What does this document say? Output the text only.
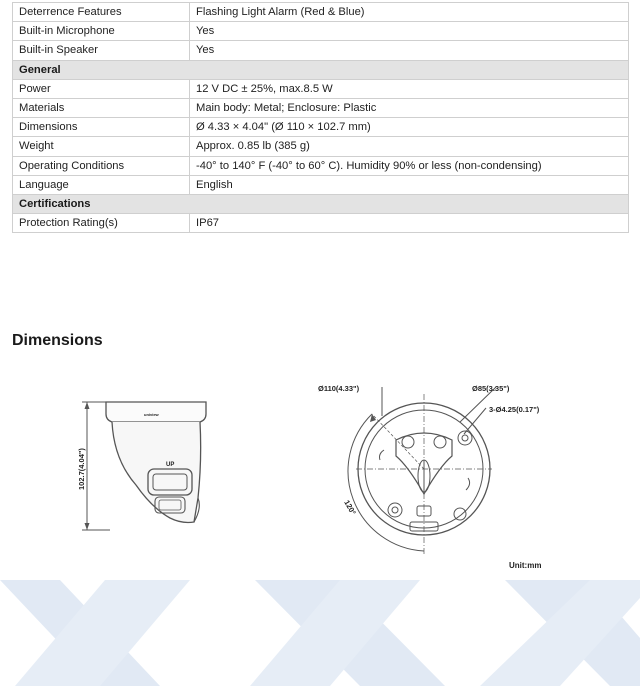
Deterrence Features	Flashing Light Alarm (Red & Blue)
Built-in Microphone	Yes
Built-in Speaker	Yes
General	
Power	12 V DC ± 25%, max.8.5 W
Materials	Main body: Metal; Enclosure: Plastic
Dimensions	Ø 4.33 × 4.04" (Ø 110 × 102.7 mm)
Weight	Approx. 0.85 lb (385 g)
Operating Conditions	-40° to 140° F (-40° to 60° C). Humidity 90% or less (non-condensing)
Language	English
Certifications	
Protection Rating(s)	IP67
Dimensions
102.7(4.04")
uniview
UP
Ø110(4.33")	Ø85(3.35")
3-Ø4.25(0.17")
120°
Unit:mm
